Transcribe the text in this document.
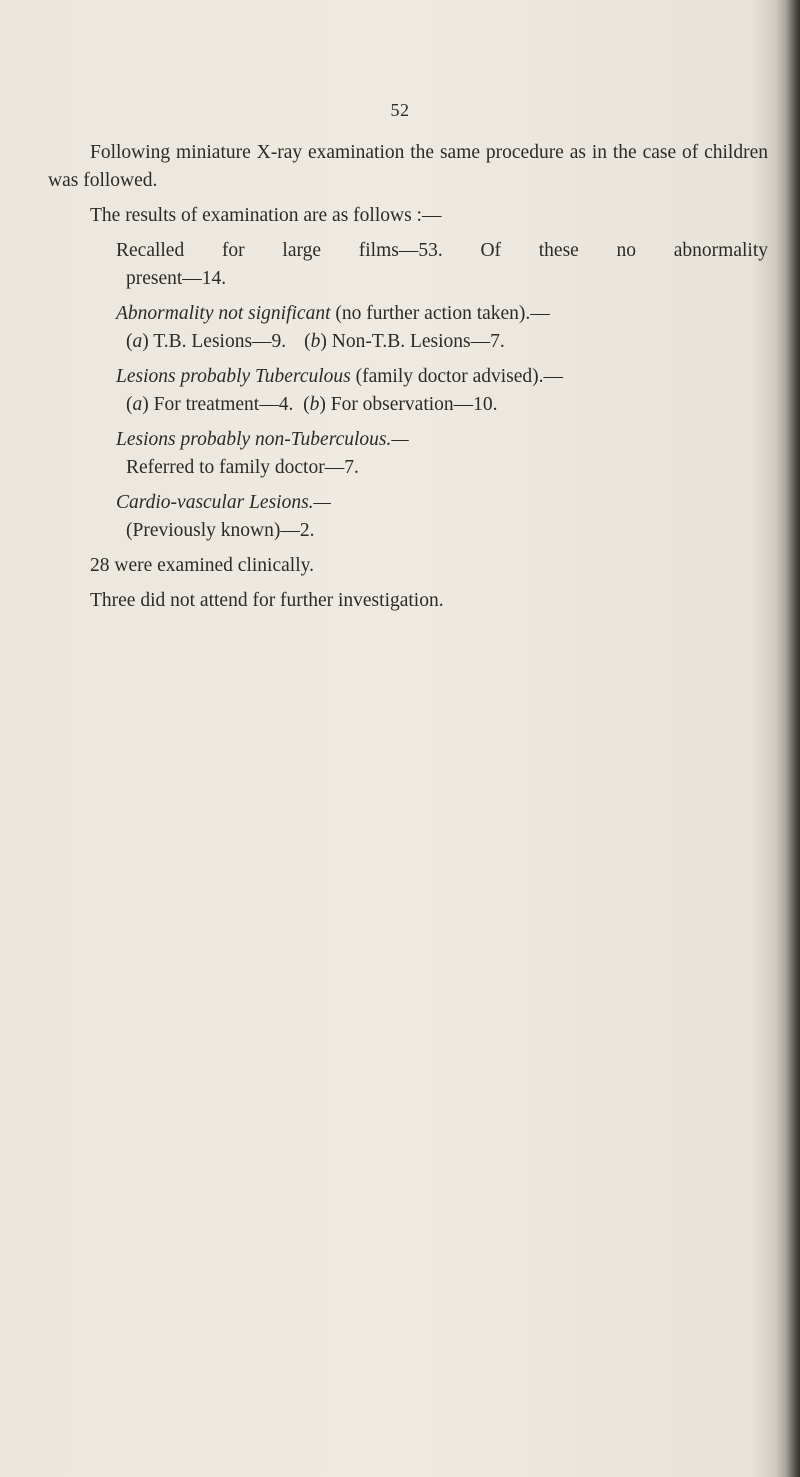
52

Following miniature X-ray examination the same procedure as in the case of children was followed.

The results of examination are as follows :—

Recalled for large films—53. Of these no abnormality
present—14.

Abnormality not significant (no further action taken).—
(a) T.B. Lesions—9. (b) Non-T.B. Lesions—7.

Lesions probably Tuberculous (family doctor advised).—
(a) For treatment—4.  (b) For observation—10.

Lesions probably non-Tuberculous.—
Referred to family doctor—7.

Cardio-vascular Lesions.—
(Previously known)—2.

28 were examined clinically.

Three did not attend for further investigation.
